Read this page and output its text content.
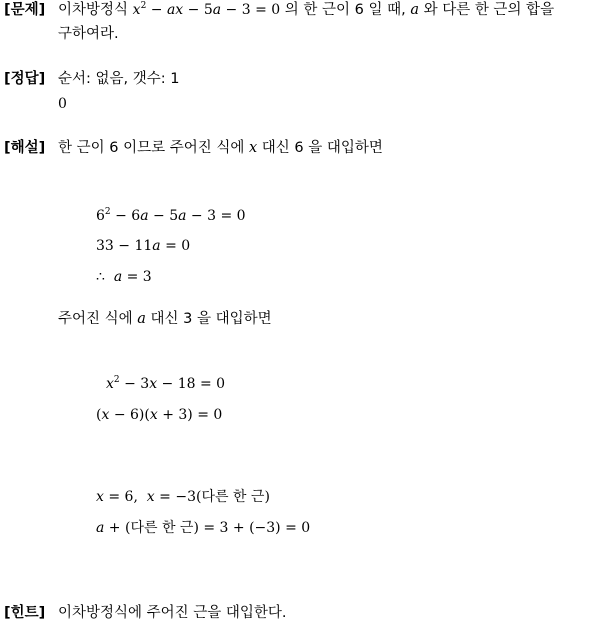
[문제] 이차방정식 $x^2$ − ax − 5a − 3 = 0 의 한 근이 6 일 때, a 와 다른 한 근의 합을
구하여라.
[정답] 순서: 없음, 갯수: 1
0
[해설] 한 근이 6 이므로 주어진 식에 x 대신 6 을 대입하면
$6^2 - 6a - 5a - 3 = 0$
33 − 11a = 0
∴  a = 3
주어진 식에 a 대신 3 을 대입하면
$x^2 - 3x - 18 = 0$
(x − 6)(x + 3) = 0
x = 6,  x = −3(다른 한 근)
a + (다른 한 근) = 3 + (−3) = 0
[힌트] 이차방정식에 주어진 근을 대입한다.
